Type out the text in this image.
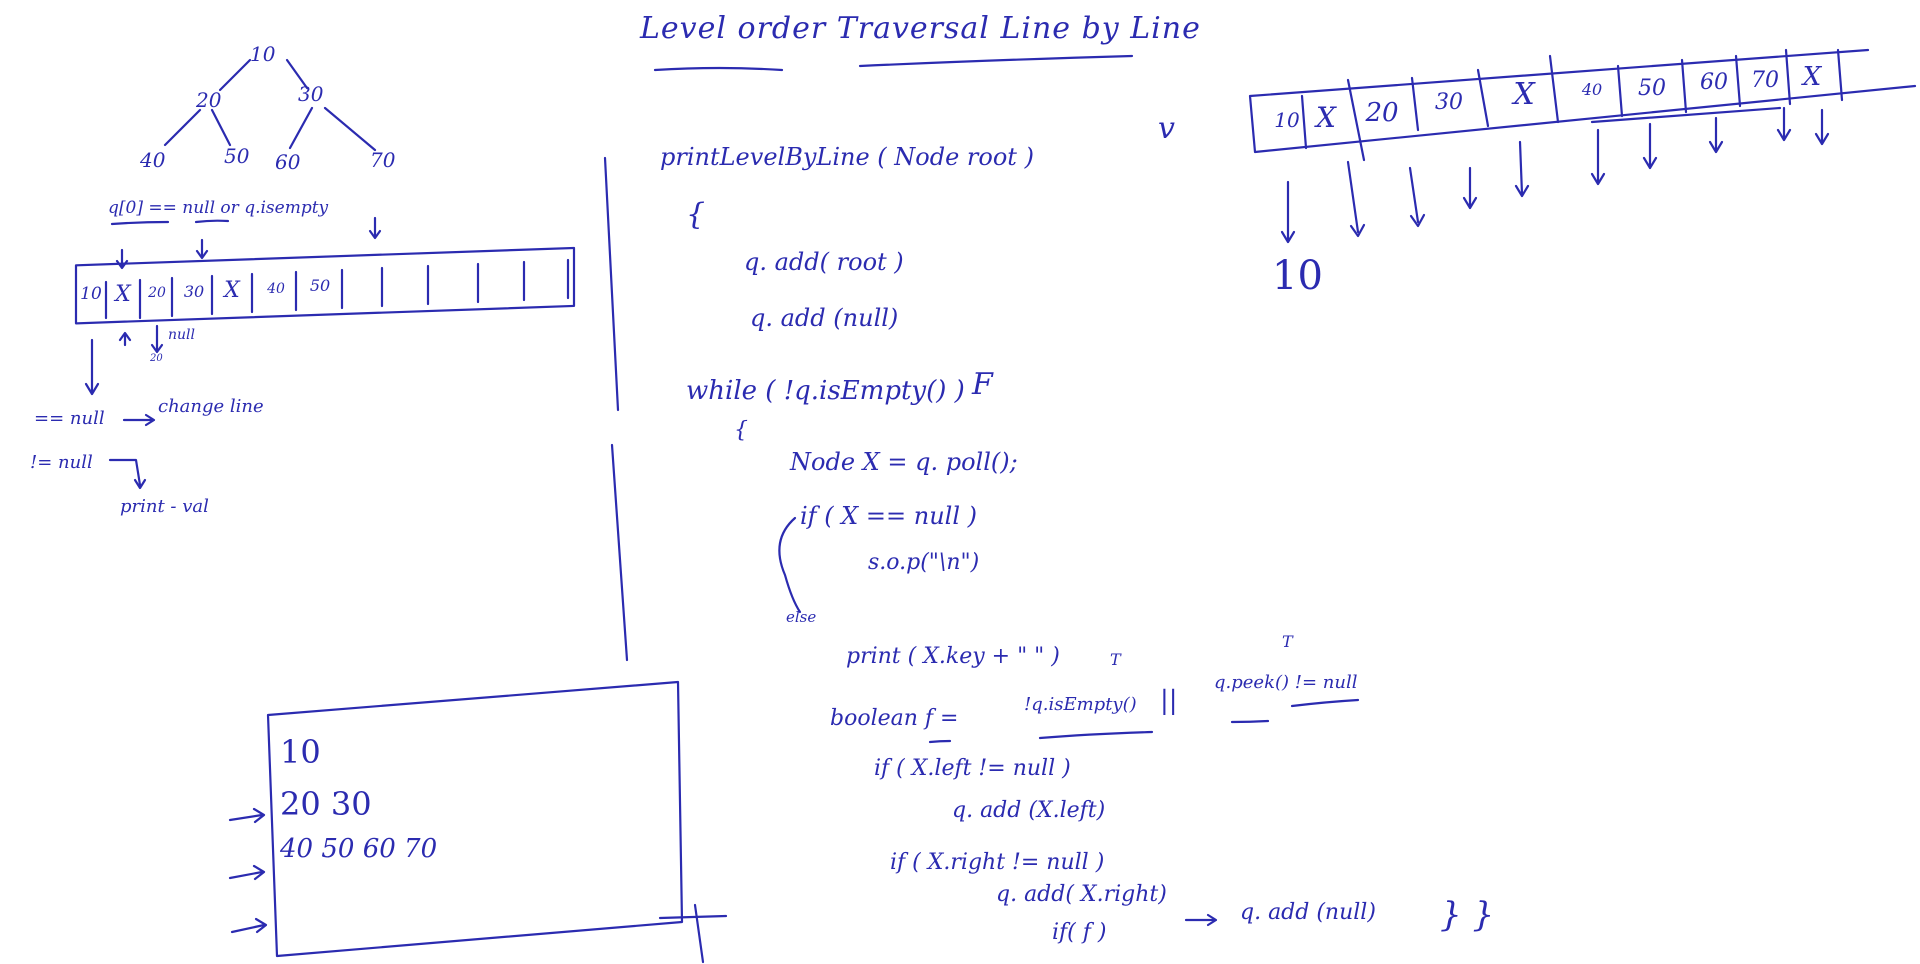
Level order Traversal Line by Line
10
20	30
40	50 60	70
q[0] == null or q.isempty
10 X	20	30 X	40	50
null
20
== null
change line
!= null
print - val
10
20 30
40 50 60 70
printLevelByLine ( Node root )
{
q. add( root )
q. add (null)
while ( !q.isEmpty() ) F
{
Node X = q. poll();
if ( X == null )
s.o.p("\n")
else
print ( X.key + " " )	T
T
boolean f =
!q.isEmpty() ||
q.peek() != null
if ( X.left != null )
q. add (X.left)
if ( X.right != null )
q. add( X.right)
if( f )
q. add (null) } }
v	10 X	20	30	X	40	50	60	70 X
10
